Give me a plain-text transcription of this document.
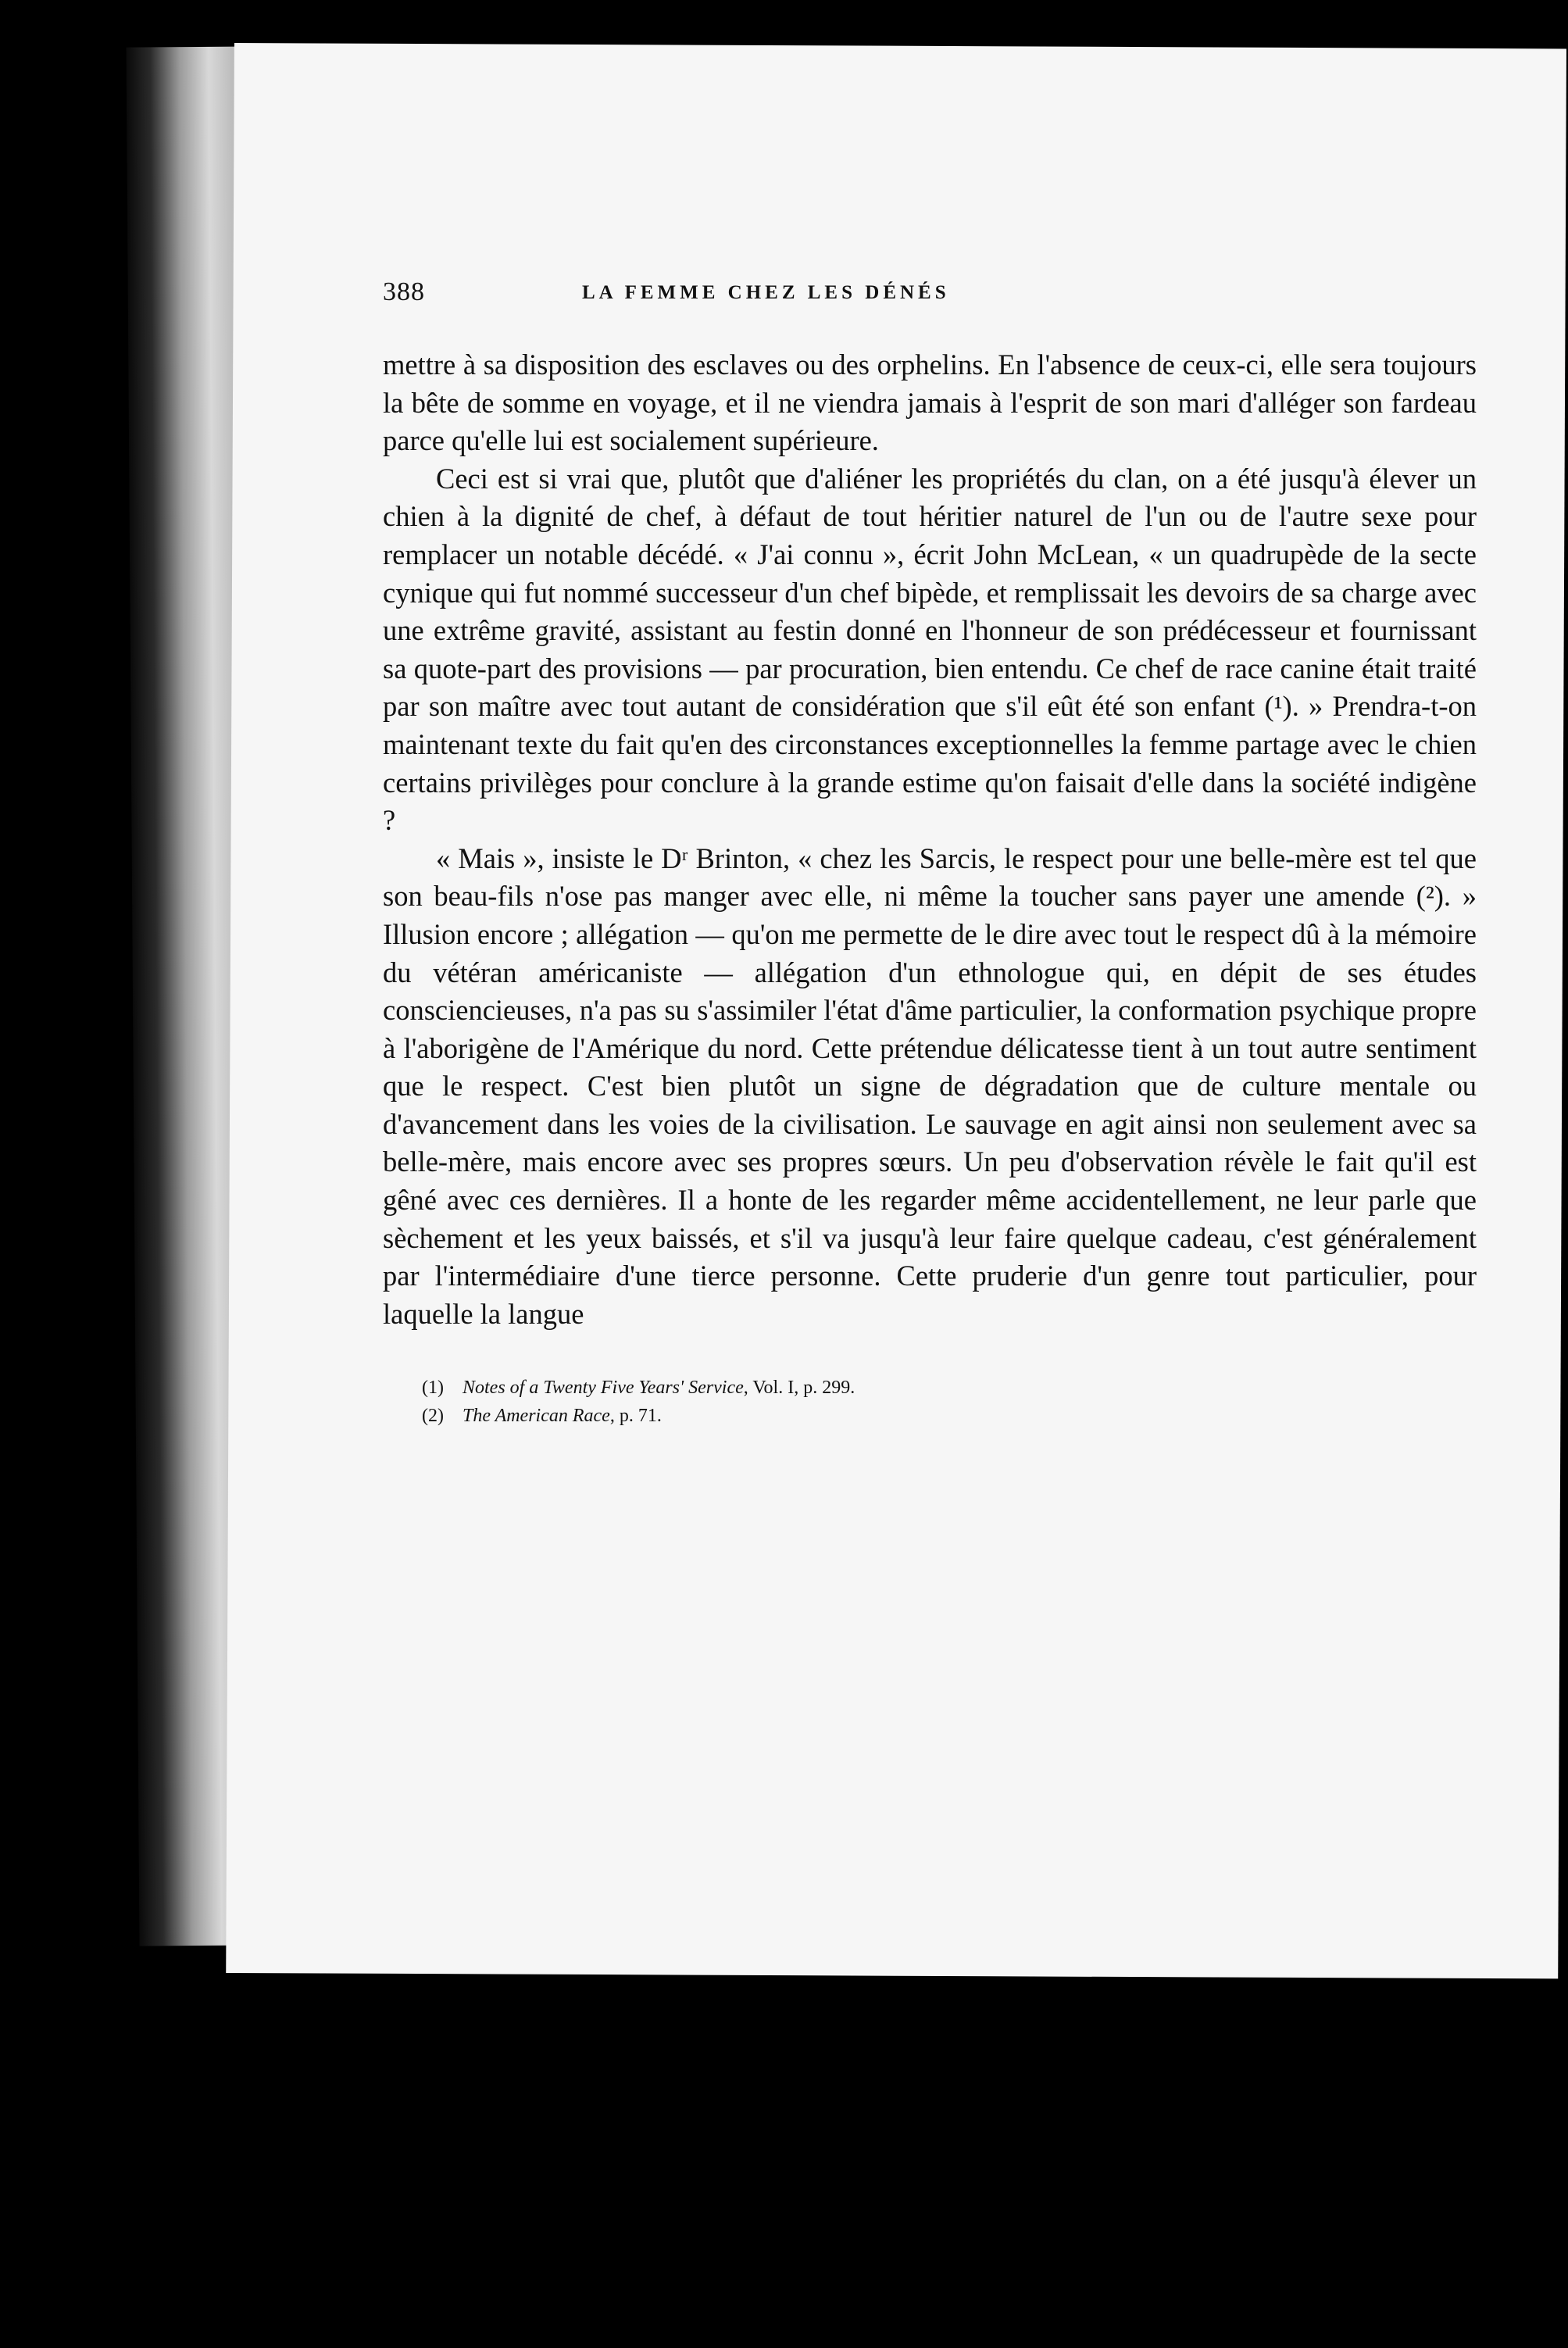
388	LA FEMME CHEZ LES DÉNÉS

mettre à sa disposition des esclaves ou des orphelins. En l'absence de ceux-ci, elle sera toujours la bête de somme en voyage, et il ne viendra jamais à l'esprit de son mari d'alléger son fardeau parce qu'elle lui est socialement supérieure.

Ceci est si vrai que, plutôt que d'aliéner les propriétés du clan, on a été jusqu'à élever un chien à la dignité de chef, à défaut de tout héritier naturel de l'un ou de l'autre sexe pour remplacer un notable décédé. « J'ai connu », écrit John McLean, « un quadrupède de la secte cynique qui fut nommé successeur d'un chef bipède, et remplissait les devoirs de sa charge avec une extrême gravité, assistant au festin donné en l'honneur de son prédécesseur et fournissant sa quote-part des provisions — par procuration, bien entendu. Ce chef de race canine était traité par son maître avec tout autant de considération que s'il eût été son enfant (¹). » Prendra-t-on maintenant texte du fait qu'en des circonstances exceptionnelles la femme partage avec le chien certains privilèges pour conclure à la grande estime qu'on faisait d'elle dans la société indigène ?

« Mais », insiste le Dʳ Brinton, « chez les Sarcis, le respect pour une belle-mère est tel que son beau-fils n'ose pas manger avec elle, ni même la toucher sans payer une amende (²). » Illusion encore ; allégation — qu'on me permette de le dire avec tout le respect dû à la mémoire du vétéran américaniste — allégation d'un ethnologue qui, en dépit de ses études consciencieuses, n'a pas su s'assimiler l'état d'âme particulier, la conformation psychique propre à l'aborigène de l'Amérique du nord. Cette prétendue délicatesse tient à un tout autre sentiment que le respect. C'est bien plutôt un signe de dégradation que de culture mentale ou d'avancement dans les voies de la civilisation. Le sauvage en agit ainsi non seulement avec sa belle-mère, mais encore avec ses propres sœurs. Un peu d'observation révèle le fait qu'il est gêné avec ces dernières. Il a honte de les regarder même accidentellement, ne leur parle que sèchement et les yeux baissés, et s'il va jusqu'à leur faire quelque cadeau, c'est généralement par l'intermédiaire d'une tierce personne. Cette pruderie d'un genre tout particulier, pour laquelle la langue

(1) Notes of a Twenty Five Years' Service, Vol. I, p. 299.
(2) The American Race, p. 71.
